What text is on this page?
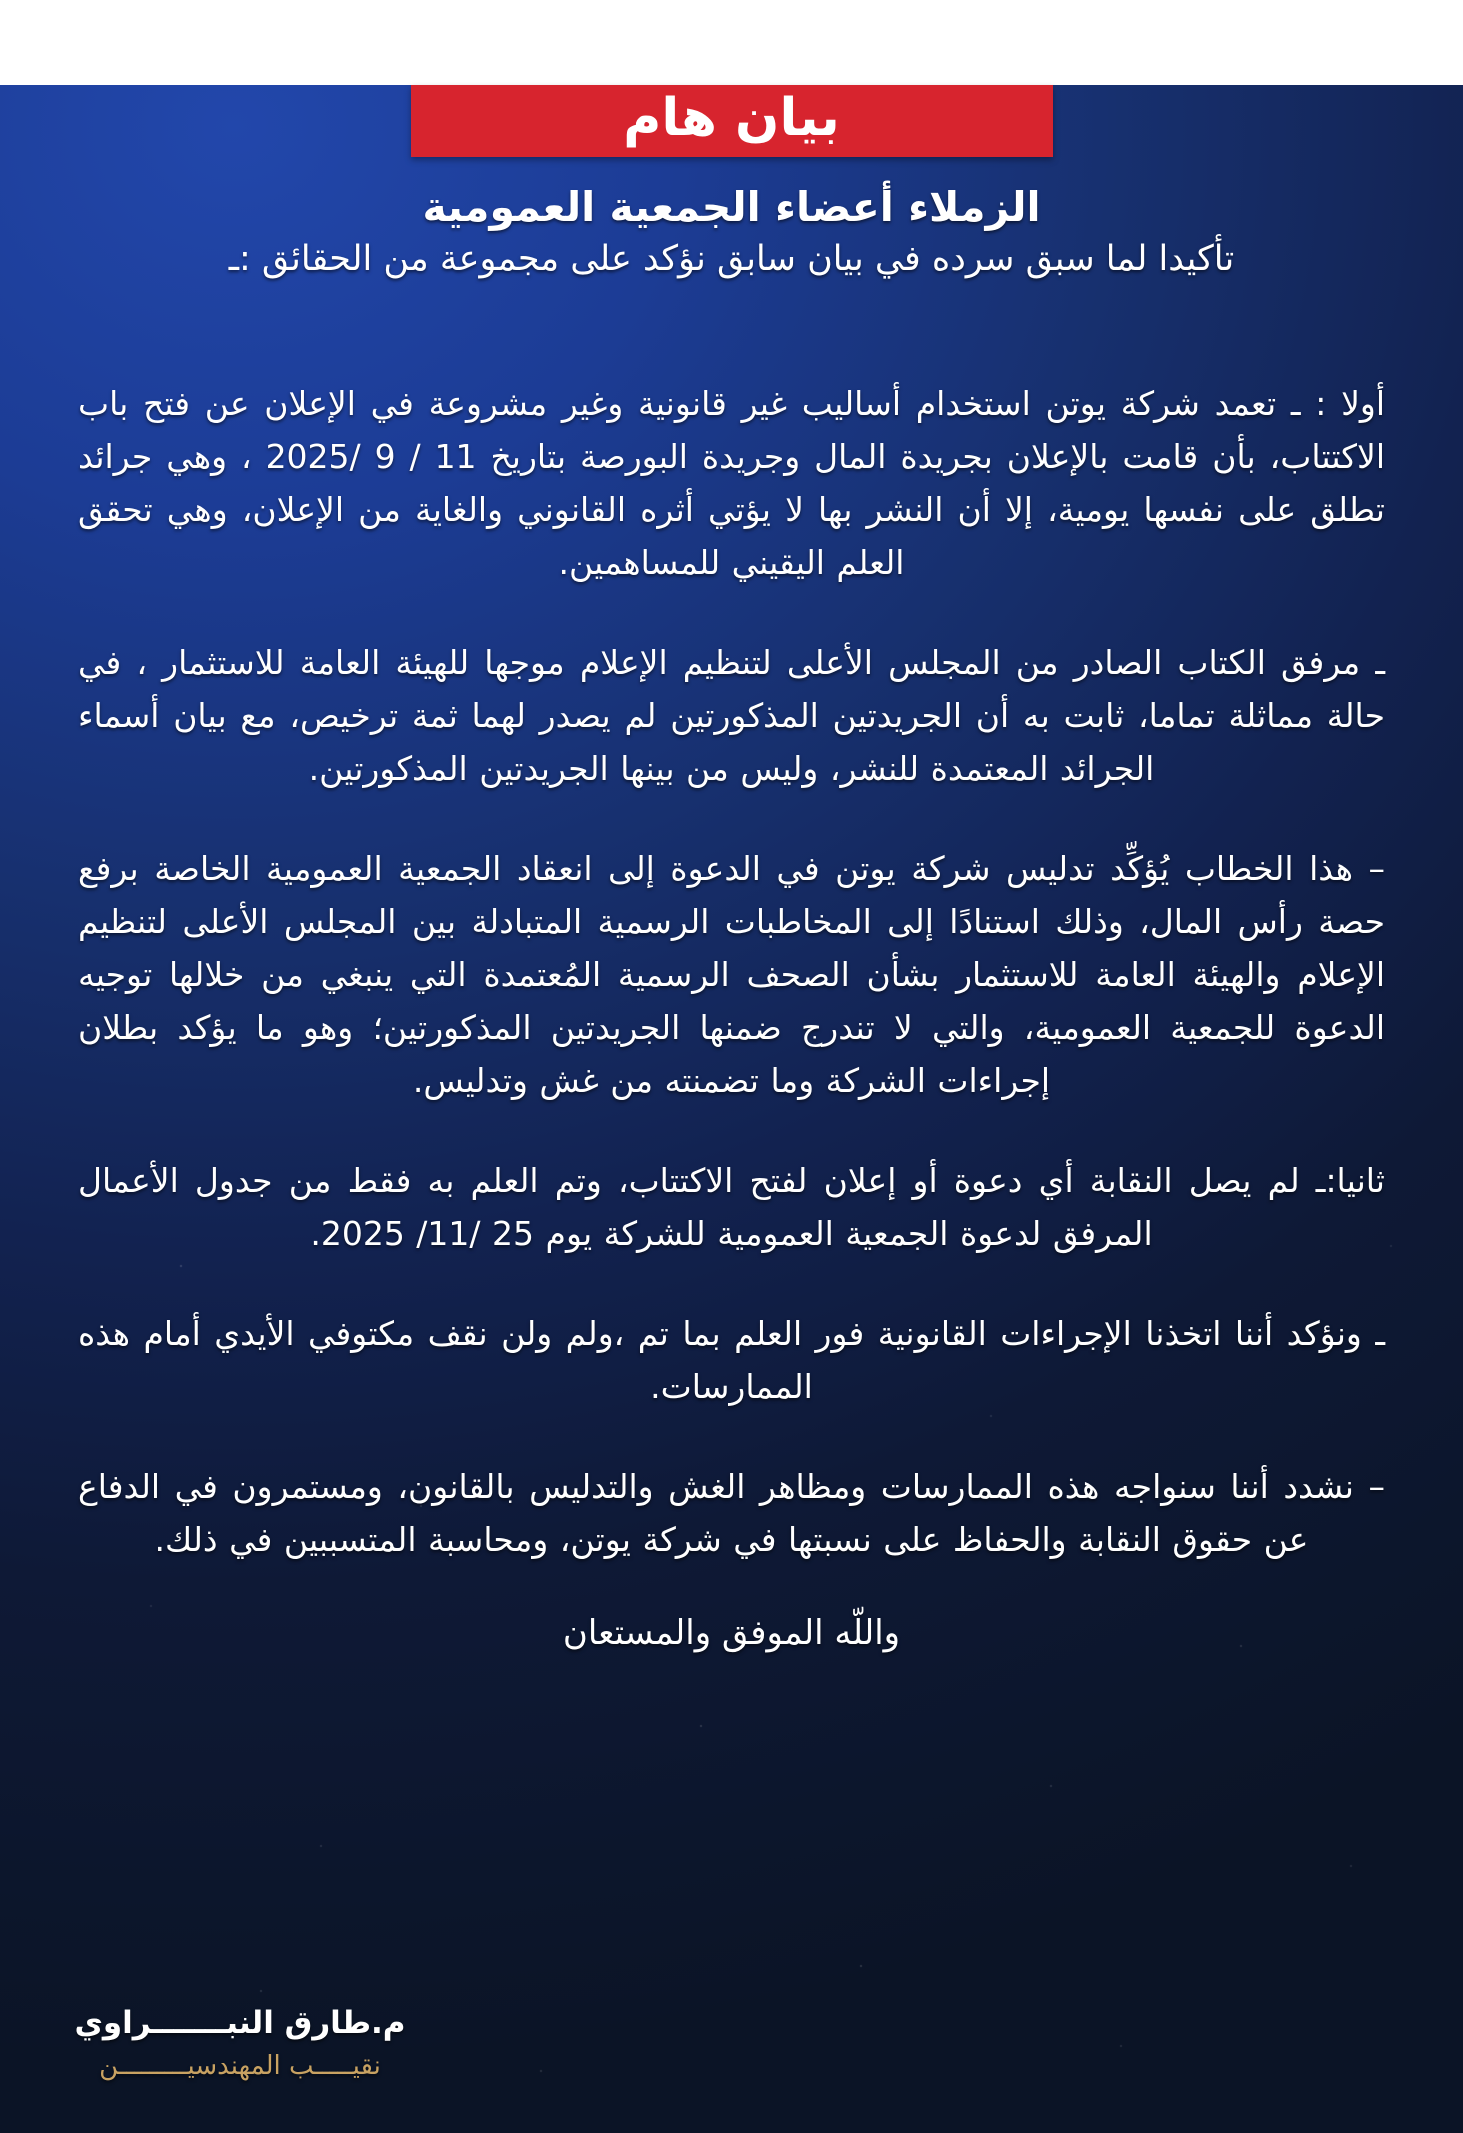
بيان هام
الزملاء أعضاء الجمعية العمومية
تأكيدا لما سبق سرده في بيان سابق نؤكد على مجموعة من الحقائق :ـ

أولا : ـ تعمد شركة يوتن استخدام أساليب غير قانونية وغير مشروعة في الإعلان عن فتح باب الاكتتاب، بأن قامت بالإعلان بجريدة المال وجريدة البورصة بتاريخ 11 / 9 /2025 ، وهي جرائد تطلق على نفسها يومية، إلا أن النشر بها لا يؤتي أثره القانوني والغاية من الإعلان، وهي تحقق العلم اليقيني للمساهمين.

ـ مرفق الكتاب الصادر من المجلس الأعلى لتنظيم الإعلام موجها للهيئة العامة للاستثمار ، في حالة مماثلة تماما، ثابت به أن الجريدتين المذكورتين لم يصدر لهما ثمة ترخيص، مع بيان أسماء الجرائد المعتمدة للنشر، وليس من بينها الجريدتين المذكورتين.

– هذا الخطاب يُؤكِّد تدليس شركة يوتن في الدعوة إلى انعقاد الجمعية العمومية الخاصة برفع حصة رأس المال، وذلك استنادًا إلى المخاطبات الرسمية المتبادلة بين المجلس الأعلى لتنظيم الإعلام والهيئة العامة للاستثمار بشأن الصحف الرسمية المُعتمدة التي ينبغي من خلالها توجيه الدعوة للجمعية العمومية، والتي لا تندرج ضمنها الجريدتين المذكورتين؛ وهو ما يؤكد بطلان إجراءات الشركة وما تضمنته من غش وتدليس.

ثانيا:ـ لم يصل النقابة أي دعوة أو إعلان لفتح الاكتتاب، وتم العلم به فقط من جدول الأعمال المرفق لدعوة الجمعية العمومية للشركة يوم 25 /11/ 2025.

ـ ونؤكد أننا اتخذنا الإجراءات القانونية فور العلم بما تم ،ولم ولن نقف مكتوفي الأيدي أمام هذه الممارسات.

– نشدد أننا سنواجه هذه الممارسات ومظاهر الغش والتدليس بالقانون، ومستمرون في الدفاع عن حقوق النقابة والحفاظ على نسبتها في شركة يوتن، ومحاسبة المتسببين في ذلك.

واللّه الموفق والمستعان
م.طارق النبـــــــراوي
نقيـــــب المهندسيـــــــــن
